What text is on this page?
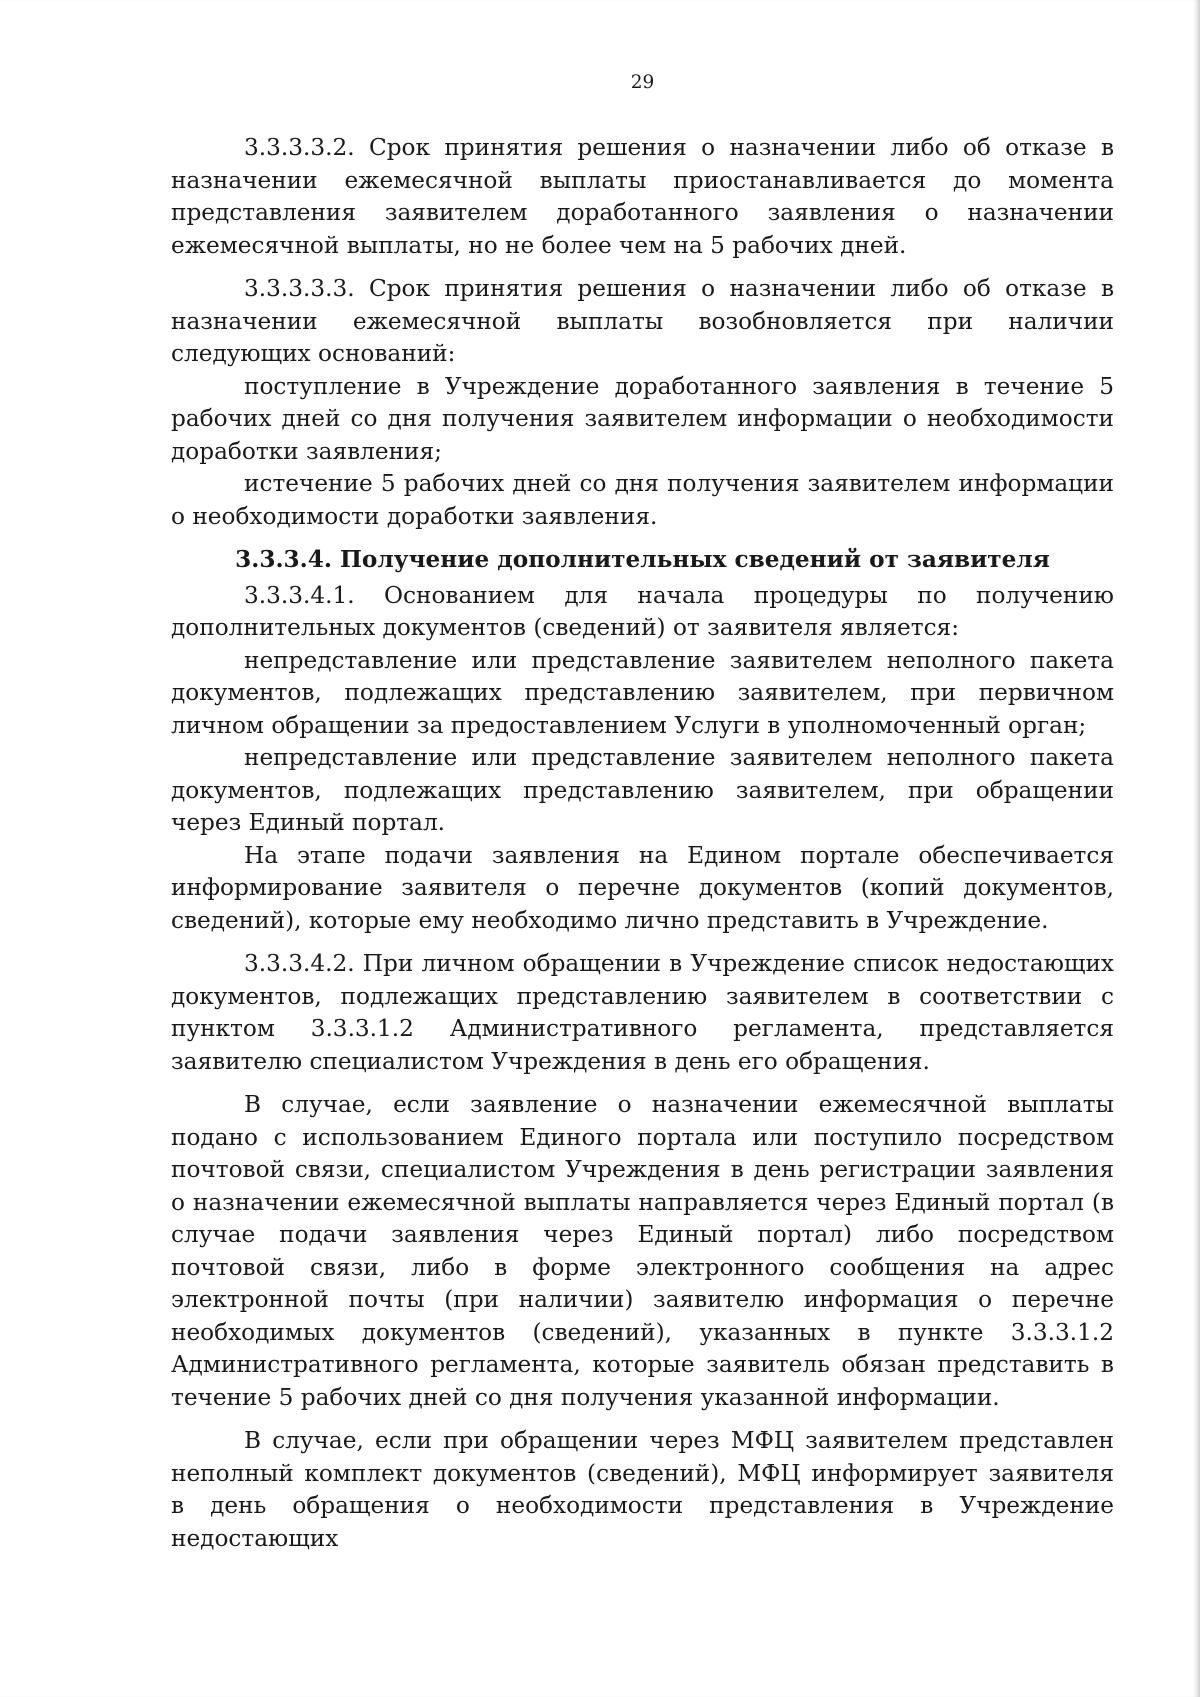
29

3.3.3.3.2. Срок принятия решения о назначении либо об отказе в назначении ежемесячной выплаты приостанавливается до момента представления заявителем доработанного заявления о назначении ежемесячной выплаты, но не более чем на 5 рабочих дней.

3.3.3.3.3. Срок принятия решения о назначении либо об отказе в назначении ежемесячной выплаты возобновляется при наличии следующих оснований:

поступление в Учреждение доработанного заявления в течение 5 рабочих дней со дня получения заявителем информации о необходимости доработки заявления;

истечение 5 рабочих дней со дня получения заявителем информации о необходимости доработки заявления.

3.3.3.4. Получение дополнительных сведений от заявителя

3.3.3.4.1. Основанием для начала процедуры по получению дополнительных документов (сведений) от заявителя является:

непредставление или представление заявителем неполного пакета документов, подлежащих представлению заявителем, при первичном личном обращении за предоставлением Услуги в уполномоченный орган;

непредставление или представление заявителем неполного пакета документов, подлежащих представлению заявителем, при обращении через Единый портал.

На этапе подачи заявления на Едином портале обеспечивается информирование заявителя о перечне документов (копий документов, сведений), которые ему необходимо лично представить в Учреждение.

3.3.3.4.2. При личном обращении в Учреждение список недостающих документов, подлежащих представлению заявителем в соответствии с пунктом 3.3.3.1.2 Административного регламента, представляется заявителю специалистом Учреждения в день его обращения.

В случае, если заявление о назначении ежемесячной выплаты подано с использованием Единого портала или поступило посредством почтовой связи, специалистом Учреждения в день регистрации заявления о назначении ежемесячной выплаты направляется через Единый портал (в случае подачи заявления через Единый портал) либо посредством почтовой связи, либо в форме электронного сообщения на адрес электронной почты (при наличии) заявителю информация о перечне необходимых документов (сведений), указанных в пункте 3.3.3.1.2 Административного регламента, которые заявитель обязан представить в течение 5 рабочих дней со дня получения указанной информации.

В случае, если при обращении через МФЦ заявителем представлен неполный комплект документов (сведений), МФЦ информирует заявителя в день обращения о необходимости представления в Учреждение недостающих
